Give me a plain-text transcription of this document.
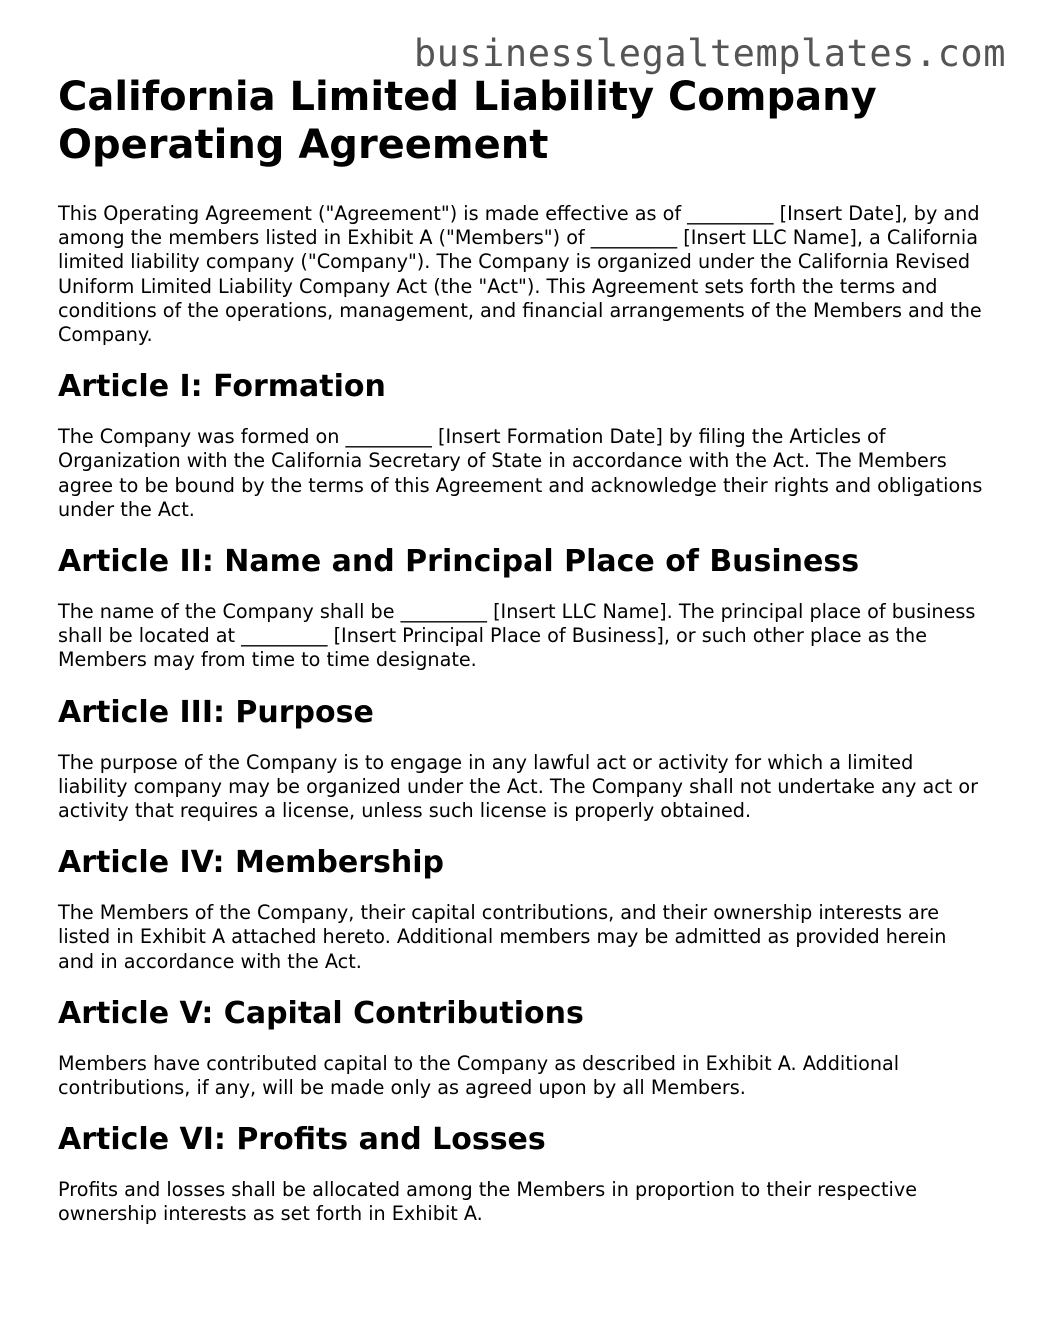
businesslegaltemplates.com
California Limited Liability Company Operating Agreement

This Operating Agreement ("Agreement") is made effective as of _________ [Insert Date], by and among the members listed in Exhibit A ("Members") of _________ [Insert LLC Name], a California limited liability company ("Company"). The Company is organized under the California Revised Uniform Limited Liability Company Act (the "Act"). This Agreement sets forth the terms and conditions of the operations, management, and financial arrangements of the Members and the Company.

Article I: Formation

The Company was formed on _________ [Insert Formation Date] by filing the Articles of Organization with the California Secretary of State in accordance with the Act. The Members agree to be bound by the terms of this Agreement and acknowledge their rights and obligations under the Act.

Article II: Name and Principal Place of Business

The name of the Company shall be _________ [Insert LLC Name]. The principal place of business shall be located at _________ [Insert Principal Place of Business], or such other place as the Members may from time to time designate.

Article III: Purpose

The purpose of the Company is to engage in any lawful act or activity for which a limited liability company may be organized under the Act. The Company shall not undertake any act or activity that requires a license, unless such license is properly obtained.

Article IV: Membership

The Members of the Company, their capital contributions, and their ownership interests are listed in Exhibit A attached hereto. Additional members may be admitted as provided herein and in accordance with the Act.

Article V: Capital Contributions

Members have contributed capital to the Company as described in Exhibit A. Additional contributions, if any, will be made only as agreed upon by all Members.

Article VI: Profits and Losses

Profits and losses shall be allocated among the Members in proportion to their respective ownership interests as set forth in Exhibit A.
